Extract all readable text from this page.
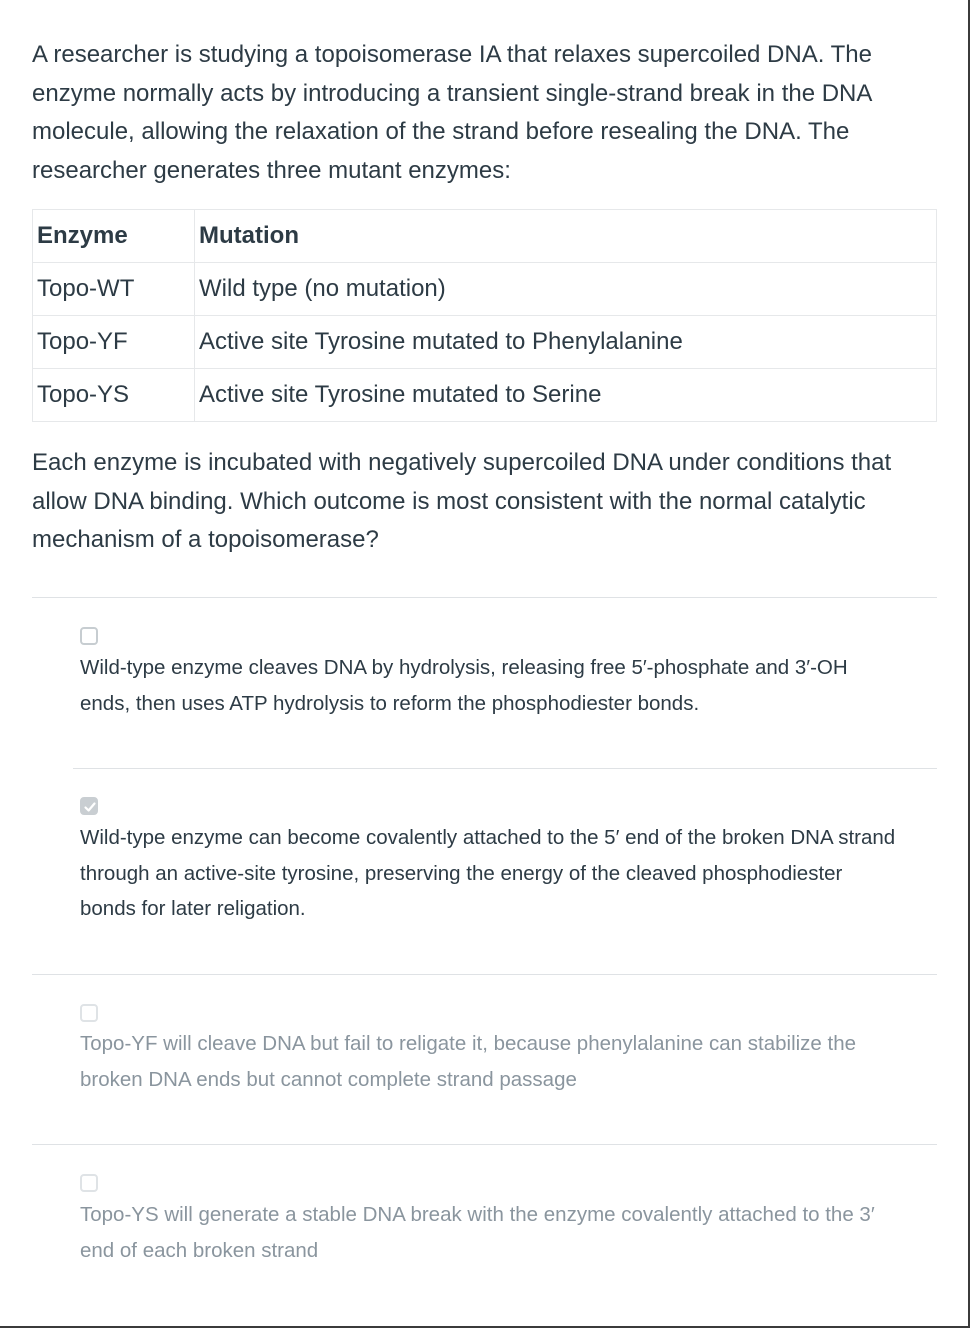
A researcher is studying a topoisomerase IA that relaxes supercoiled DNA. The enzyme normally acts by introducing a transient single-strand break in the DNA molecule, allowing the relaxation of the strand before resealing the DNA. The researcher generates three mutant enzymes:

Enzyme	Mutation
Topo-WT	Wild type (no mutation)
Topo-YF	Active site Tyrosine mutated to Phenylalanine
Topo-YS	Active site Tyrosine mutated to Serine

Each enzyme is incubated with negatively supercoiled DNA under conditions that allow DNA binding. Which outcome is most consistent with the normal catalytic mechanism of a topoisomerase?

Wild-type enzyme cleaves DNA by hydrolysis, releasing free 5′-phosphate and 3′-OH ends, then uses ATP hydrolysis to reform the phosphodiester bonds.
Wild-type enzyme can become covalently attached to the 5′ end of the broken DNA strand through an active-site tyrosine, preserving the energy of the cleaved phosphodiester bonds for later religation.
Topo-YF will cleave DNA but fail to religate it, because phenylalanine can stabilize the broken DNA ends but cannot complete strand passage
Topo-YS will generate a stable DNA break with the enzyme covalently attached to the 3′ end of each broken strand
